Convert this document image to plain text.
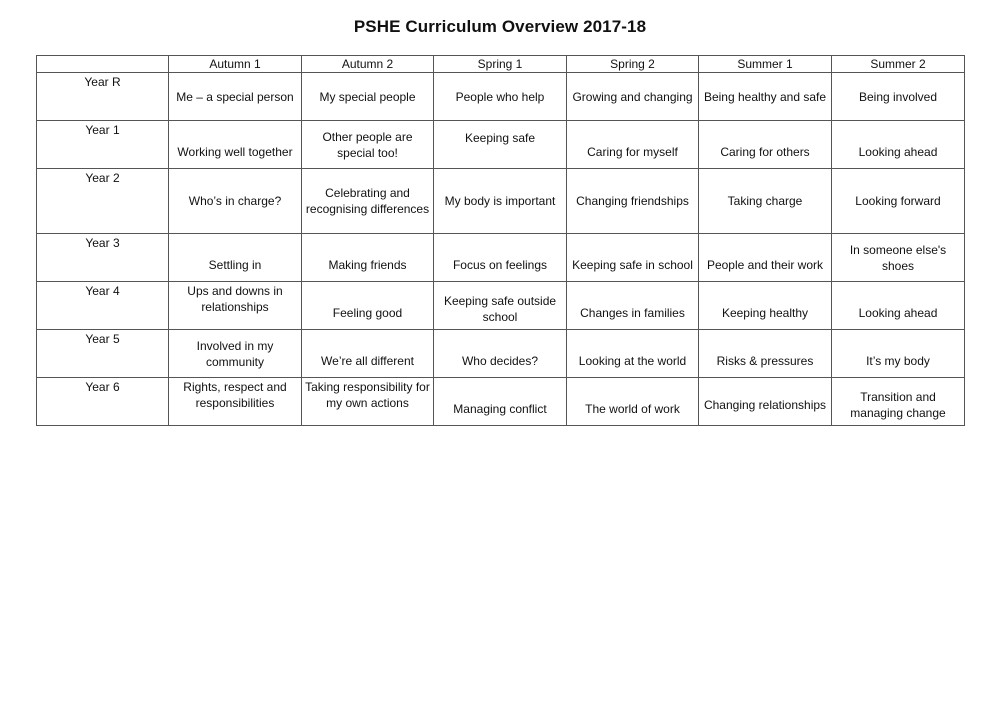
PSHE Curriculum Overview 2017-18
	Autumn 1	Autumn 2	Spring 1	Spring 2	Summer 1	Summer 2
Year R	Me – a special person	My special people	People who help	Growing and changing	Being healthy and safe	Being involved
Year 1	Working well together	Other people are special too!	Keeping safe	Caring for myself	Caring for others	Looking ahead
Year 2	Who’s in charge?	Celebrating and recognising differences	My body is important	Changing friendships	Taking charge	Looking forward
Year 3	Settling in	Making friends	Focus on feelings	Keeping safe in school	People and their work	In someone else's shoes
Year 4	Ups and downs in relationships	Feeling good	Keeping safe outside school	Changes in families	Keeping healthy	Looking ahead
Year 5	Involved in my community	We’re all different	Who decides?	Looking at the world	Risks & pressures	It’s my body
Year 6	Rights, respect and responsibilities	Taking responsibility for my own actions	Managing conflict	The world of work	Changing relationships	Transition and managing change
